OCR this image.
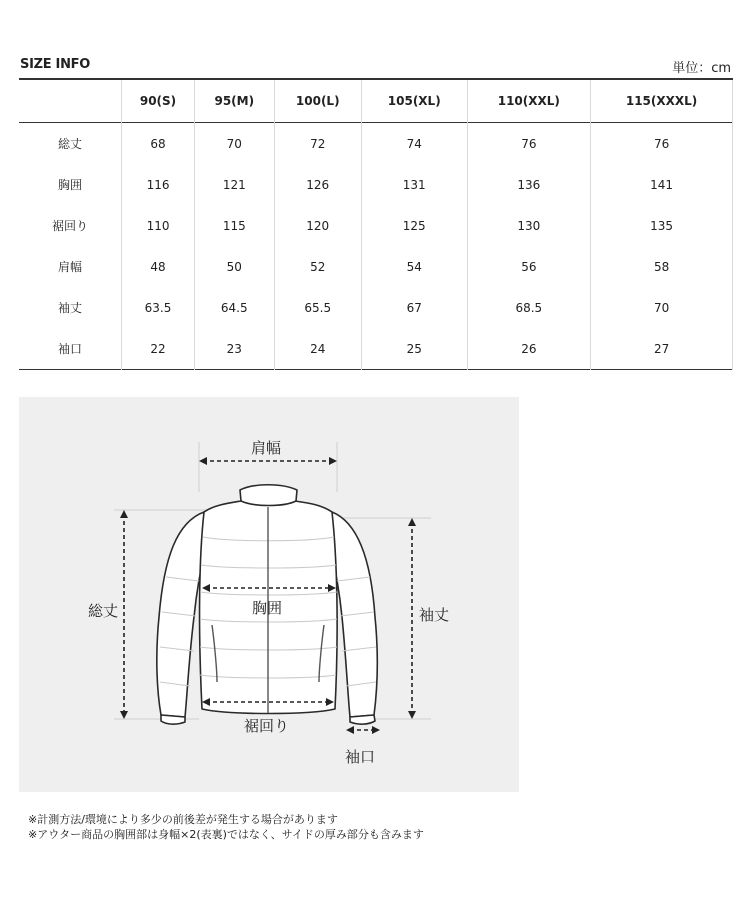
SIZE INFO	単位：cm
	90(S)	95(M)	100(L)	105(XL)	110(XXL)	115(XXXL)
総丈	68	70	72	74	76	76
胸囲	116	121	126	131	136	141
裾回り	110	115	120	125	130	135
肩幅	48	50	52	54	56	58
袖丈	63.5	64.5	65.5	67	68.5	70
袖口	22	23	24	25	26	27
肩幅
総丈	胸囲	袖丈
裾回り
袖口
※計測方法/環境により多少の前後差が発生する場合があります
※アウター商品の胸囲部は身幅×2(表裏)ではなく、サイドの厚み部分も含みます
